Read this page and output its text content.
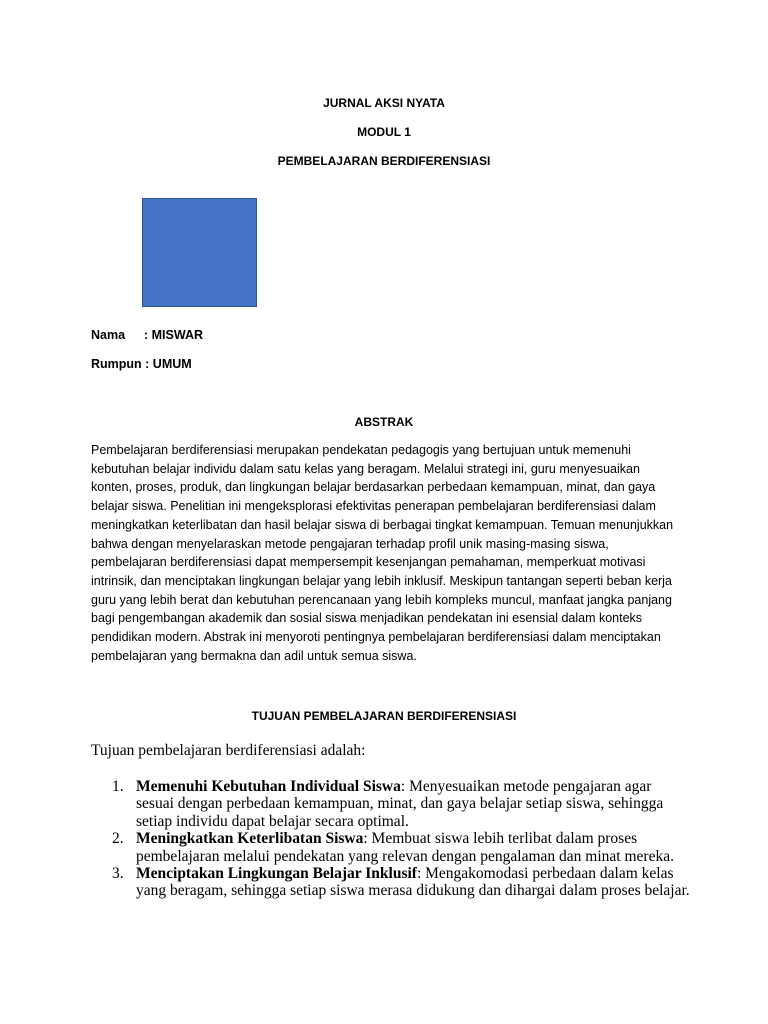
JURNAL AKSI NYATA

MODUL 1

PEMBELAJARAN BERDIFERENSIASI

Nama : MISWAR

Rumpun : UMUM

ABSTRAK

Pembelajaran berdiferensiasi merupakan pendekatan pedagogis yang bertujuan untuk memenuhi kebutuhan belajar individu dalam satu kelas yang beragam. Melalui strategi ini, guru menyesuaikan konten, proses, produk, dan lingkungan belajar berdasarkan perbedaan kemampuan, minat, dan gaya belajar siswa. Penelitian ini mengeksplorasi efektivitas penerapan pembelajaran berdiferensiasi dalam meningkatkan keterlibatan dan hasil belajar siswa di berbagai tingkat kemampuan. Temuan menunjukkan bahwa dengan menyelaraskan metode pengajaran terhadap profil unik masing-masing siswa, pembelajaran berdiferensiasi dapat mempersempit kesenjangan pemahaman, memperkuat motivasi intrinsik, dan menciptakan lingkungan belajar yang lebih inklusif. Meskipun tantangan seperti beban kerja guru yang lebih berat dan kebutuhan perencanaan yang lebih kompleks muncul, manfaat jangka panjang bagi pengembangan akademik dan sosial siswa menjadikan pendekatan ini esensial dalam konteks pendidikan modern. Abstrak ini menyoroti pentingnya pembelajaran berdiferensiasi dalam menciptakan pembelajaran yang bermakna dan adil untuk semua siswa.

TUJUAN PEMBELAJARAN BERDIFERENSIASI

Tujuan pembelajaran berdiferensiasi adalah:

1. Memenuhi Kebutuhan Individual Siswa: Menyesuaikan metode pengajaran agar sesuai dengan perbedaan kemampuan, minat, dan gaya belajar setiap siswa, sehingga setiap individu dapat belajar secara optimal.
2. Meningkatkan Keterlibatan Siswa: Membuat siswa lebih terlibat dalam proses pembelajaran melalui pendekatan yang relevan dengan pengalaman dan minat mereka.
3. Menciptakan Lingkungan Belajar Inklusif: Mengakomodasi perbedaan dalam kelas yang beragam, sehingga setiap siswa merasa didukung dan dihargai dalam proses belajar.
